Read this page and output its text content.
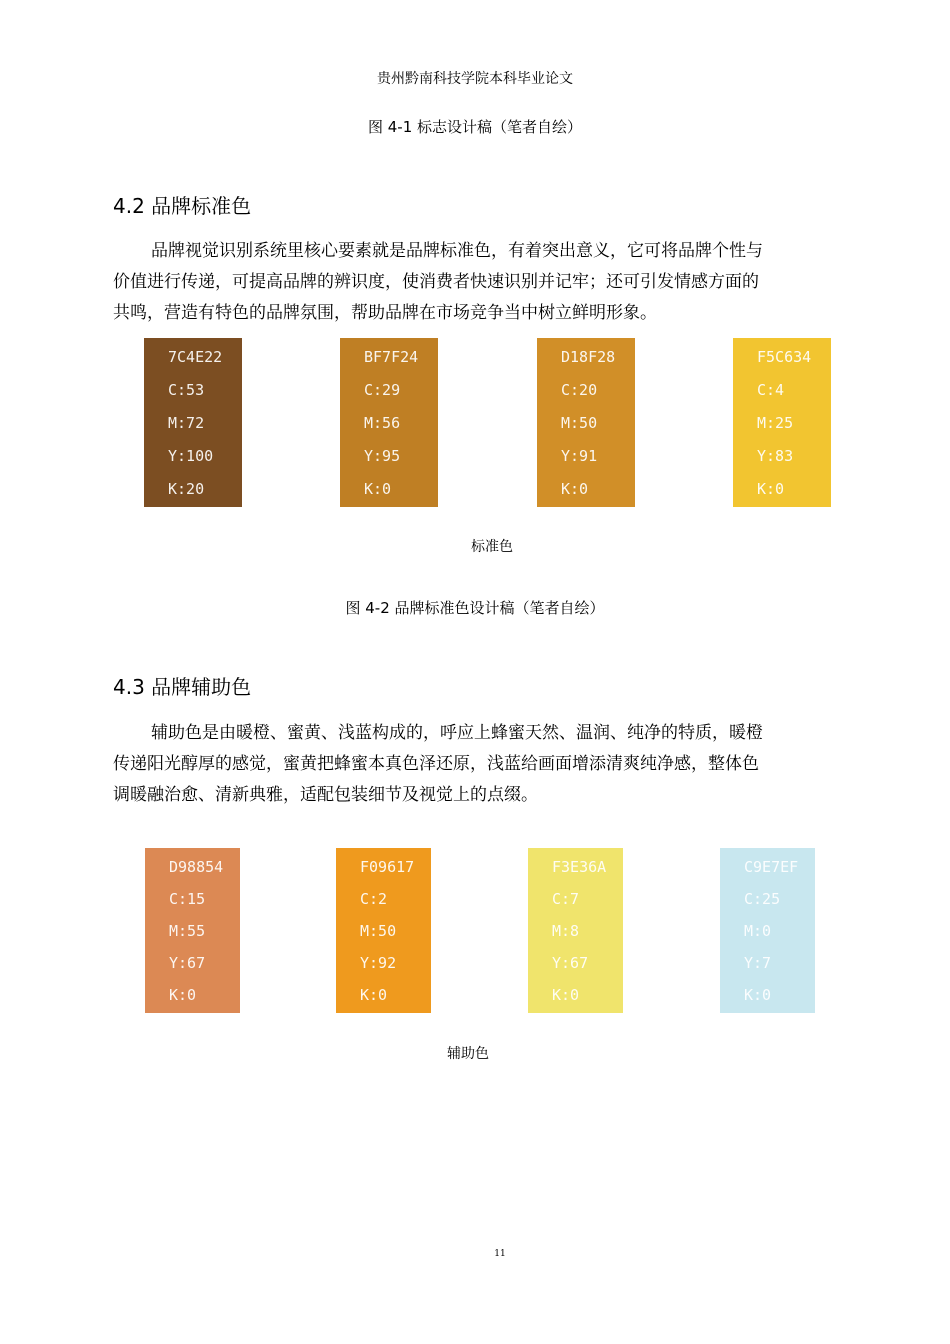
贵州黔南科技学院本科毕业论文
图 4-1 标志设计稿（笔者自绘）
4.2 品牌标准色
品牌视觉识别系统里核心要素就是品牌标准色，有着突出意义，它可将品牌个性与
价值进行传递，可提高品牌的辨识度，使消费者快速识别并记牢；还可引发情感方面的
共鸣，营造有特色的品牌氛围，帮助品牌在市场竞争当中树立鲜明形象。
7C4E22
C:53
M:72
Y:100
K:20
BF7F24
C:29
M:56
Y:95
K:0
D18F28
C:20
M:50
Y:91
K:0
F5C634
C:4
M:25
Y:83
K:0
标准色
图 4-2 品牌标准色设计稿（笔者自绘）
4.3 品牌辅助色
辅助色是由暖橙、蜜黄、浅蓝构成的，呼应上蜂蜜天然、温润、纯净的特质，暖橙
传递阳光醇厚的感觉，蜜黄把蜂蜜本真色泽还原，浅蓝给画面增添清爽纯净感，整体色
调暖融治愈、清新典雅，适配包装细节及视觉上的点缀。
D98854
C:15
M:55
Y:67
K:0
F09617
C:2
M:50
Y:92
K:0
F3E36A
C:7
M:8
Y:67
K:0
C9E7EF
C:25
M:0
Y:7
K:0
辅助色
11
